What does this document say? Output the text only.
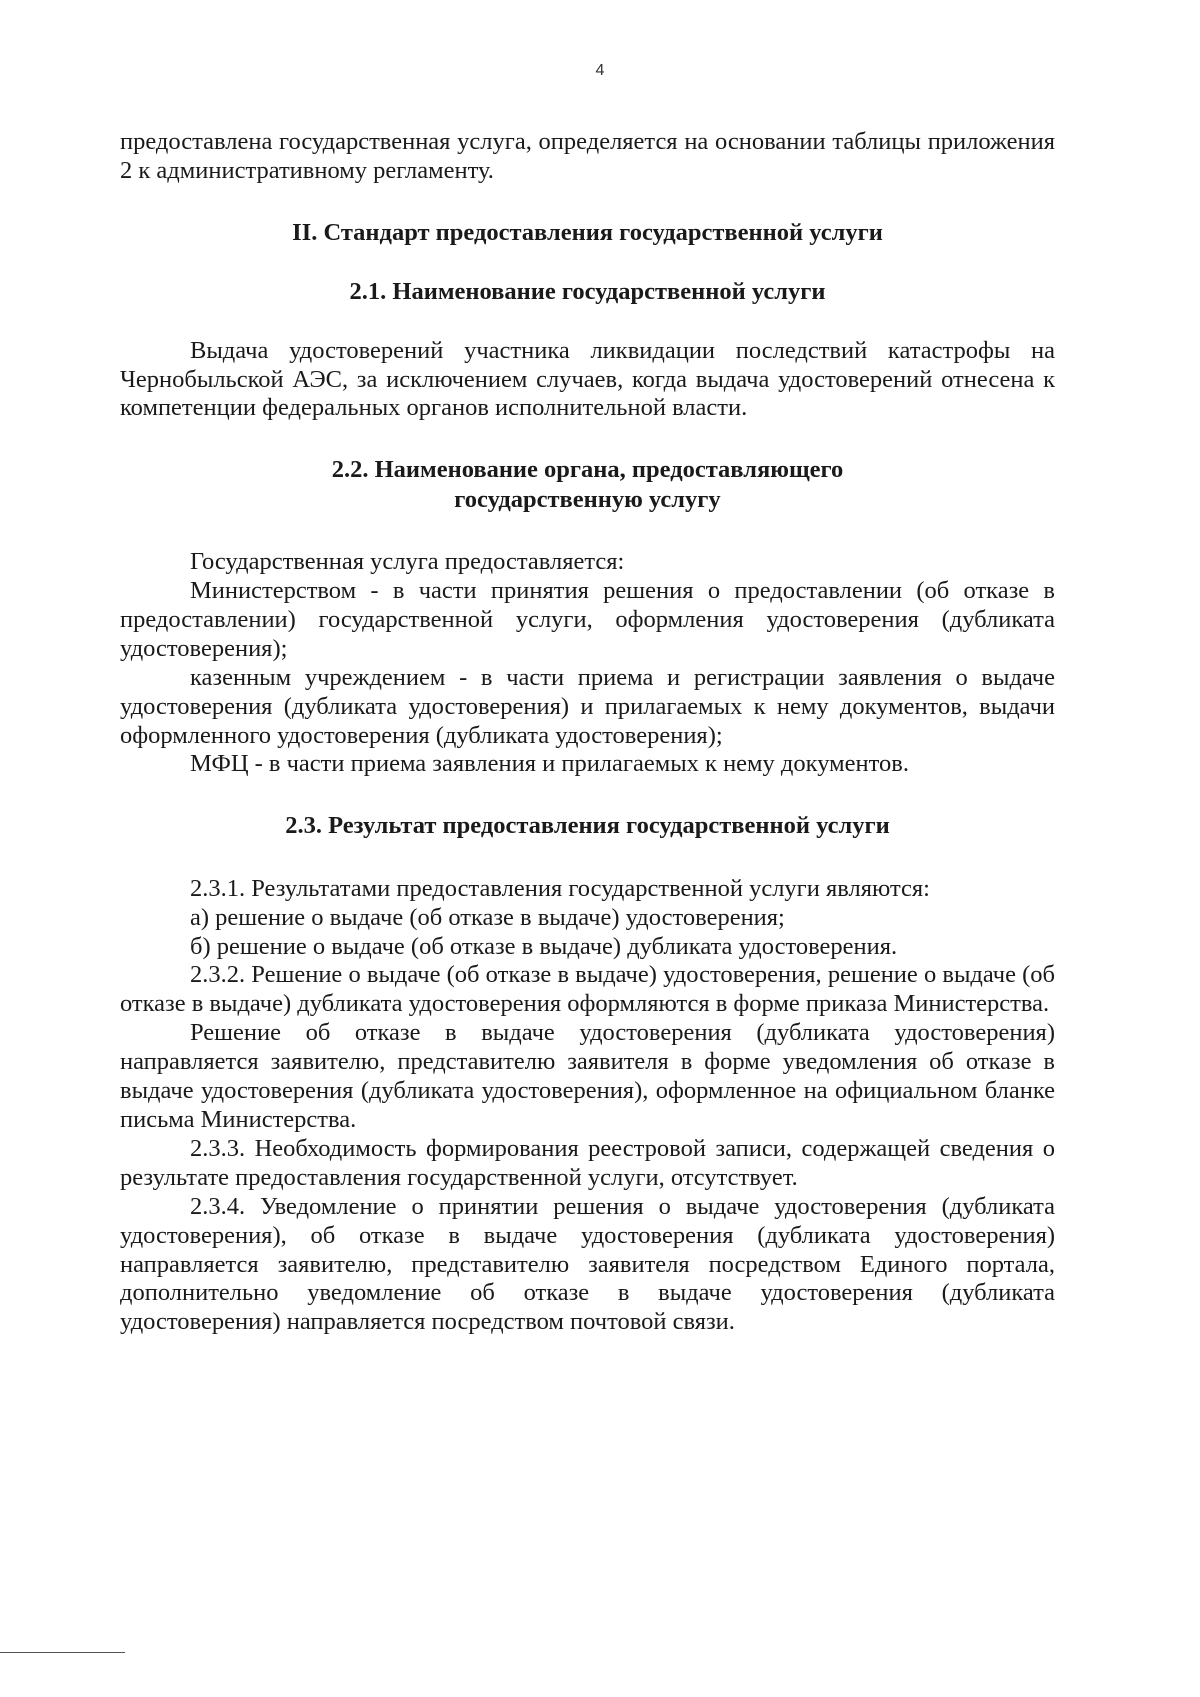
4

предоставлена государственная услуга, определяется на основании таблицы приложения 2 к административному регламенту.

II. Стандарт предоставления государственной услуги
2.1. Наименование государственной услуги

Выдача удостоверений участника ликвидации последствий катастрофы на Чернобыльской АЭС, за исключением случаев, когда выдача удостоверений отнесена к компетенции федеральных органов исполнительной власти.

2.2. Наименование органа, предоставляющего
государственную услугу

Государственная услуга предоставляется:

Министерством - в части принятия решения о предоставлении (об отказе в предоставлении) государственной услуги, оформления удостоверения (дубликата удостоверения);

казенным учреждением - в части приема и регистрации заявления о выдаче удостоверения (дубликата удостоверения) и прилагаемых к нему документов, выдачи оформленного удостоверения (дубликата удостоверения);

МФЦ - в части приема заявления и прилагаемых к нему документов.

2.3. Результат предоставления государственной услуги

2.3.1. Результатами предоставления государственной услуги являются:

а) решение о выдаче (об отказе в выдаче) удостоверения;

б) решение о выдаче (об отказе в выдаче) дубликата удостоверения.

2.3.2. Решение о выдаче (об отказе в выдаче) удостоверения, решение о выдаче (об отказе в выдаче) дубликата удостоверения оформляются в форме приказа Министерства.

Решение об отказе в выдаче удостоверения (дубликата удостоверения) направляется заявителю, представителю заявителя в форме уведомления об отказе в выдаче удостоверения (дубликата удостоверения), оформленное на официальном бланке письма Министерства.

2.3.3. Необходимость формирования реестровой записи, содержащей сведения о результате предоставления государственной услуги, отсутствует.

2.3.4. Уведомление о принятии решения о выдаче удостоверения (дубликата удостоверения), об отказе в выдаче удостоверения (дубликата удостоверения) направляется заявителю, представителю заявителя посредством Единого портала, дополнительно уведомление об отказе в выдаче удостоверения (дубликата удостоверения) направляется посредством почтовой связи.
